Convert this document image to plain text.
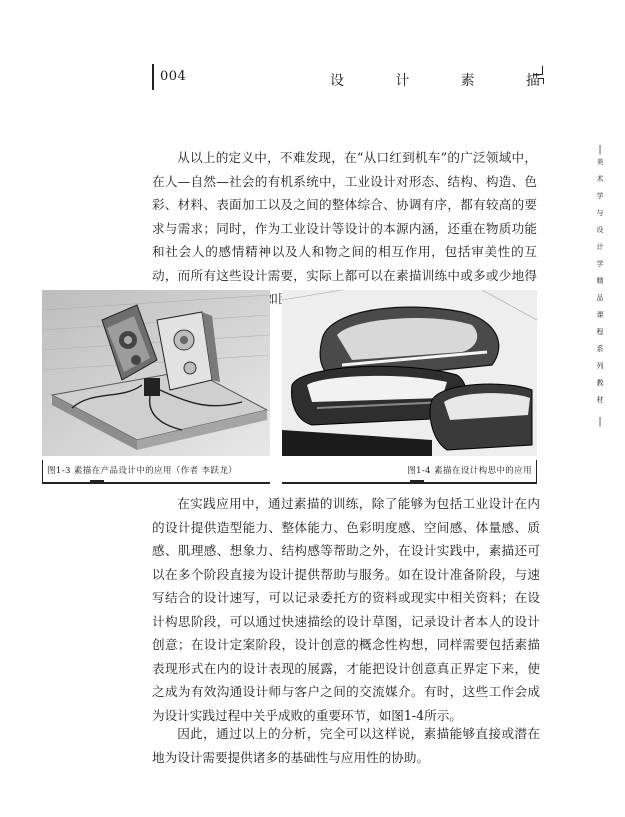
004	设	计	素	描
|
美
术
学
与
设
计
学
精
品
课
程
系
列
教
材
|

从以上的定义中，不难发现，在“从口红到机车”的广泛领域中，在人—自然—社会的有机系统中，工业设计对形态、结构、构造、色彩、材料、表面加工以及之间的整体综合、协调有序，都有较高的要求与需求；同时，作为工业设计等设计的本源内涵，还重在物质功能和社会人的感情精神以及人和物之间的相互作用，包括审美性的互动，而所有这些设计需要，实际上都可以在素描训练中或多或少地得 充和协助，如图1-3所示。

图1-3 素描在产品设计中的应用（作者 李跃龙）	图1-4 素描在设计构思中的应用

在实践应用中，通过素描的训练，除了能够为包括工业设计在内的设计提供造型能力、整体能力、色彩明度感、空间感、体量感、质感、肌理感、想象力、结构感等帮助之外，在设计实践中，素描还可以在多个阶段直接为设计提供帮助与服务。如在设计准备阶段，与速写结合的设计速写，可以记录委托方的资料或现实中相关资料；在设计构思阶段，可以通过快速描绘的设计草图，记录设计者本人的设计创意；在设计定案阶段，设计创意的概念性构想，同样需要包括素描表现形式在内的设计表现的展露，才能把设计创意真正界定下来，使之成为有效沟通设计师与客户之间的交流媒介。有时，这些工作会成为设计实践过程中关乎成败的重要环节，如图1-4所示。

因此，通过以上的分析，完全可以这样说，素描能够直接或潜在地为设计需要提供诸多的基础性与应用性的协助。
